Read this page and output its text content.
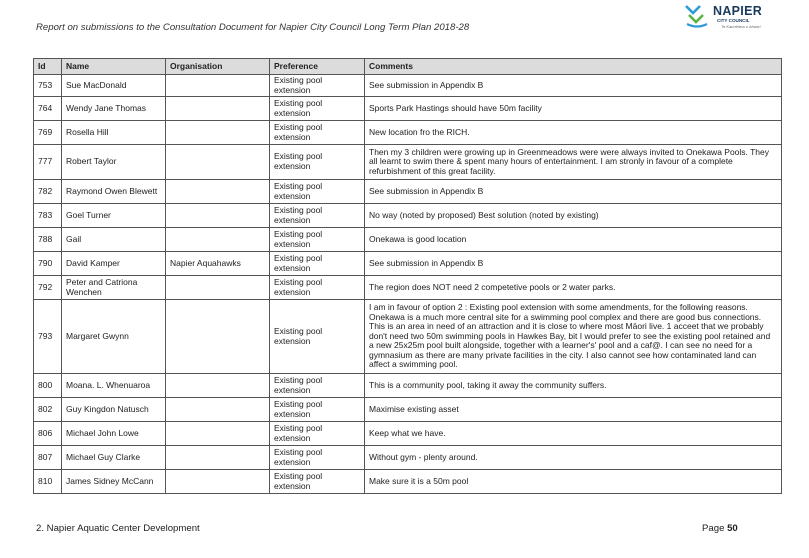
Report on submissions to the Consultation Document for Napier City Council Long Term Plan 2018-28
NAPIER
CITY COUNCIL
Te Kaunihera o Ahuriri
Id	Name	Organisation	Preference	Comments
753	Sue MacDonald		Existing pool extension	See submission in Appendix B
764	Wendy Jane Thomas		Existing pool extension	Sports Park Hastings should have 50m facility
769	Rosella Hill		Existing pool extension	New location fro the RICH.
777	Robert Taylor		Existing pool extension	Then my 3 children were growing up in Greenmeadows were were always invited to Onekawa Pools. They all learnt to swim there & spent many hours of entertainment. I am stronly in favour of a complete refurbishment of this great facility.
782	Raymond Owen Blewett		Existing pool extension	See submission in Appendix B
783	Goel Turner		Existing pool extension	No way (noted by proposed) Best solution (noted by existing)
788	Gail		Existing pool extension	Onekawa is good location
790	David Kamper	Napier Aquahawks	Existing pool extension	See submission in Appendix B
792	Peter and Catriona Wenchen		Existing pool extension	The region does NOT need 2 competetive pools or 2 water parks.
793	Margaret Gwynn		Existing pool extension	I am in favour of option 2 : Existing pool extension with some amendments, for the following reasons. Onekawa is a much more central site for a swimming pool complex and there are good bus connections. This is an area in need of an attraction and it is close to where most Māori live. 1 acceet that we probably don't need two 50m swimming pools in Hawkes Bay, bit I would prefer to see the existing pool retained and a new 25x25m pool built alongside, together with a learner's' pool and a caf@. I can see no need for a gymnasium as there are many private facilities in the city. I also cannot see how contaminated land can affect a swimming pool.
800	Moana. L. Whenuaroa		Existing pool extension	This is a community pool, taking it away the community suffers.
802	Guy Kingdon Natusch		Existing pool extension	Maximise existing asset
806	Michael John Lowe		Existing pool extension	Keep what we have.
807	Michael Guy Clarke		Existing pool extension	Without gym - plenty around.
810	James Sidney McCann		Existing pool extension	Make sure it is a 50m pool
2. Napier Aquatic Center Development	Page 50
